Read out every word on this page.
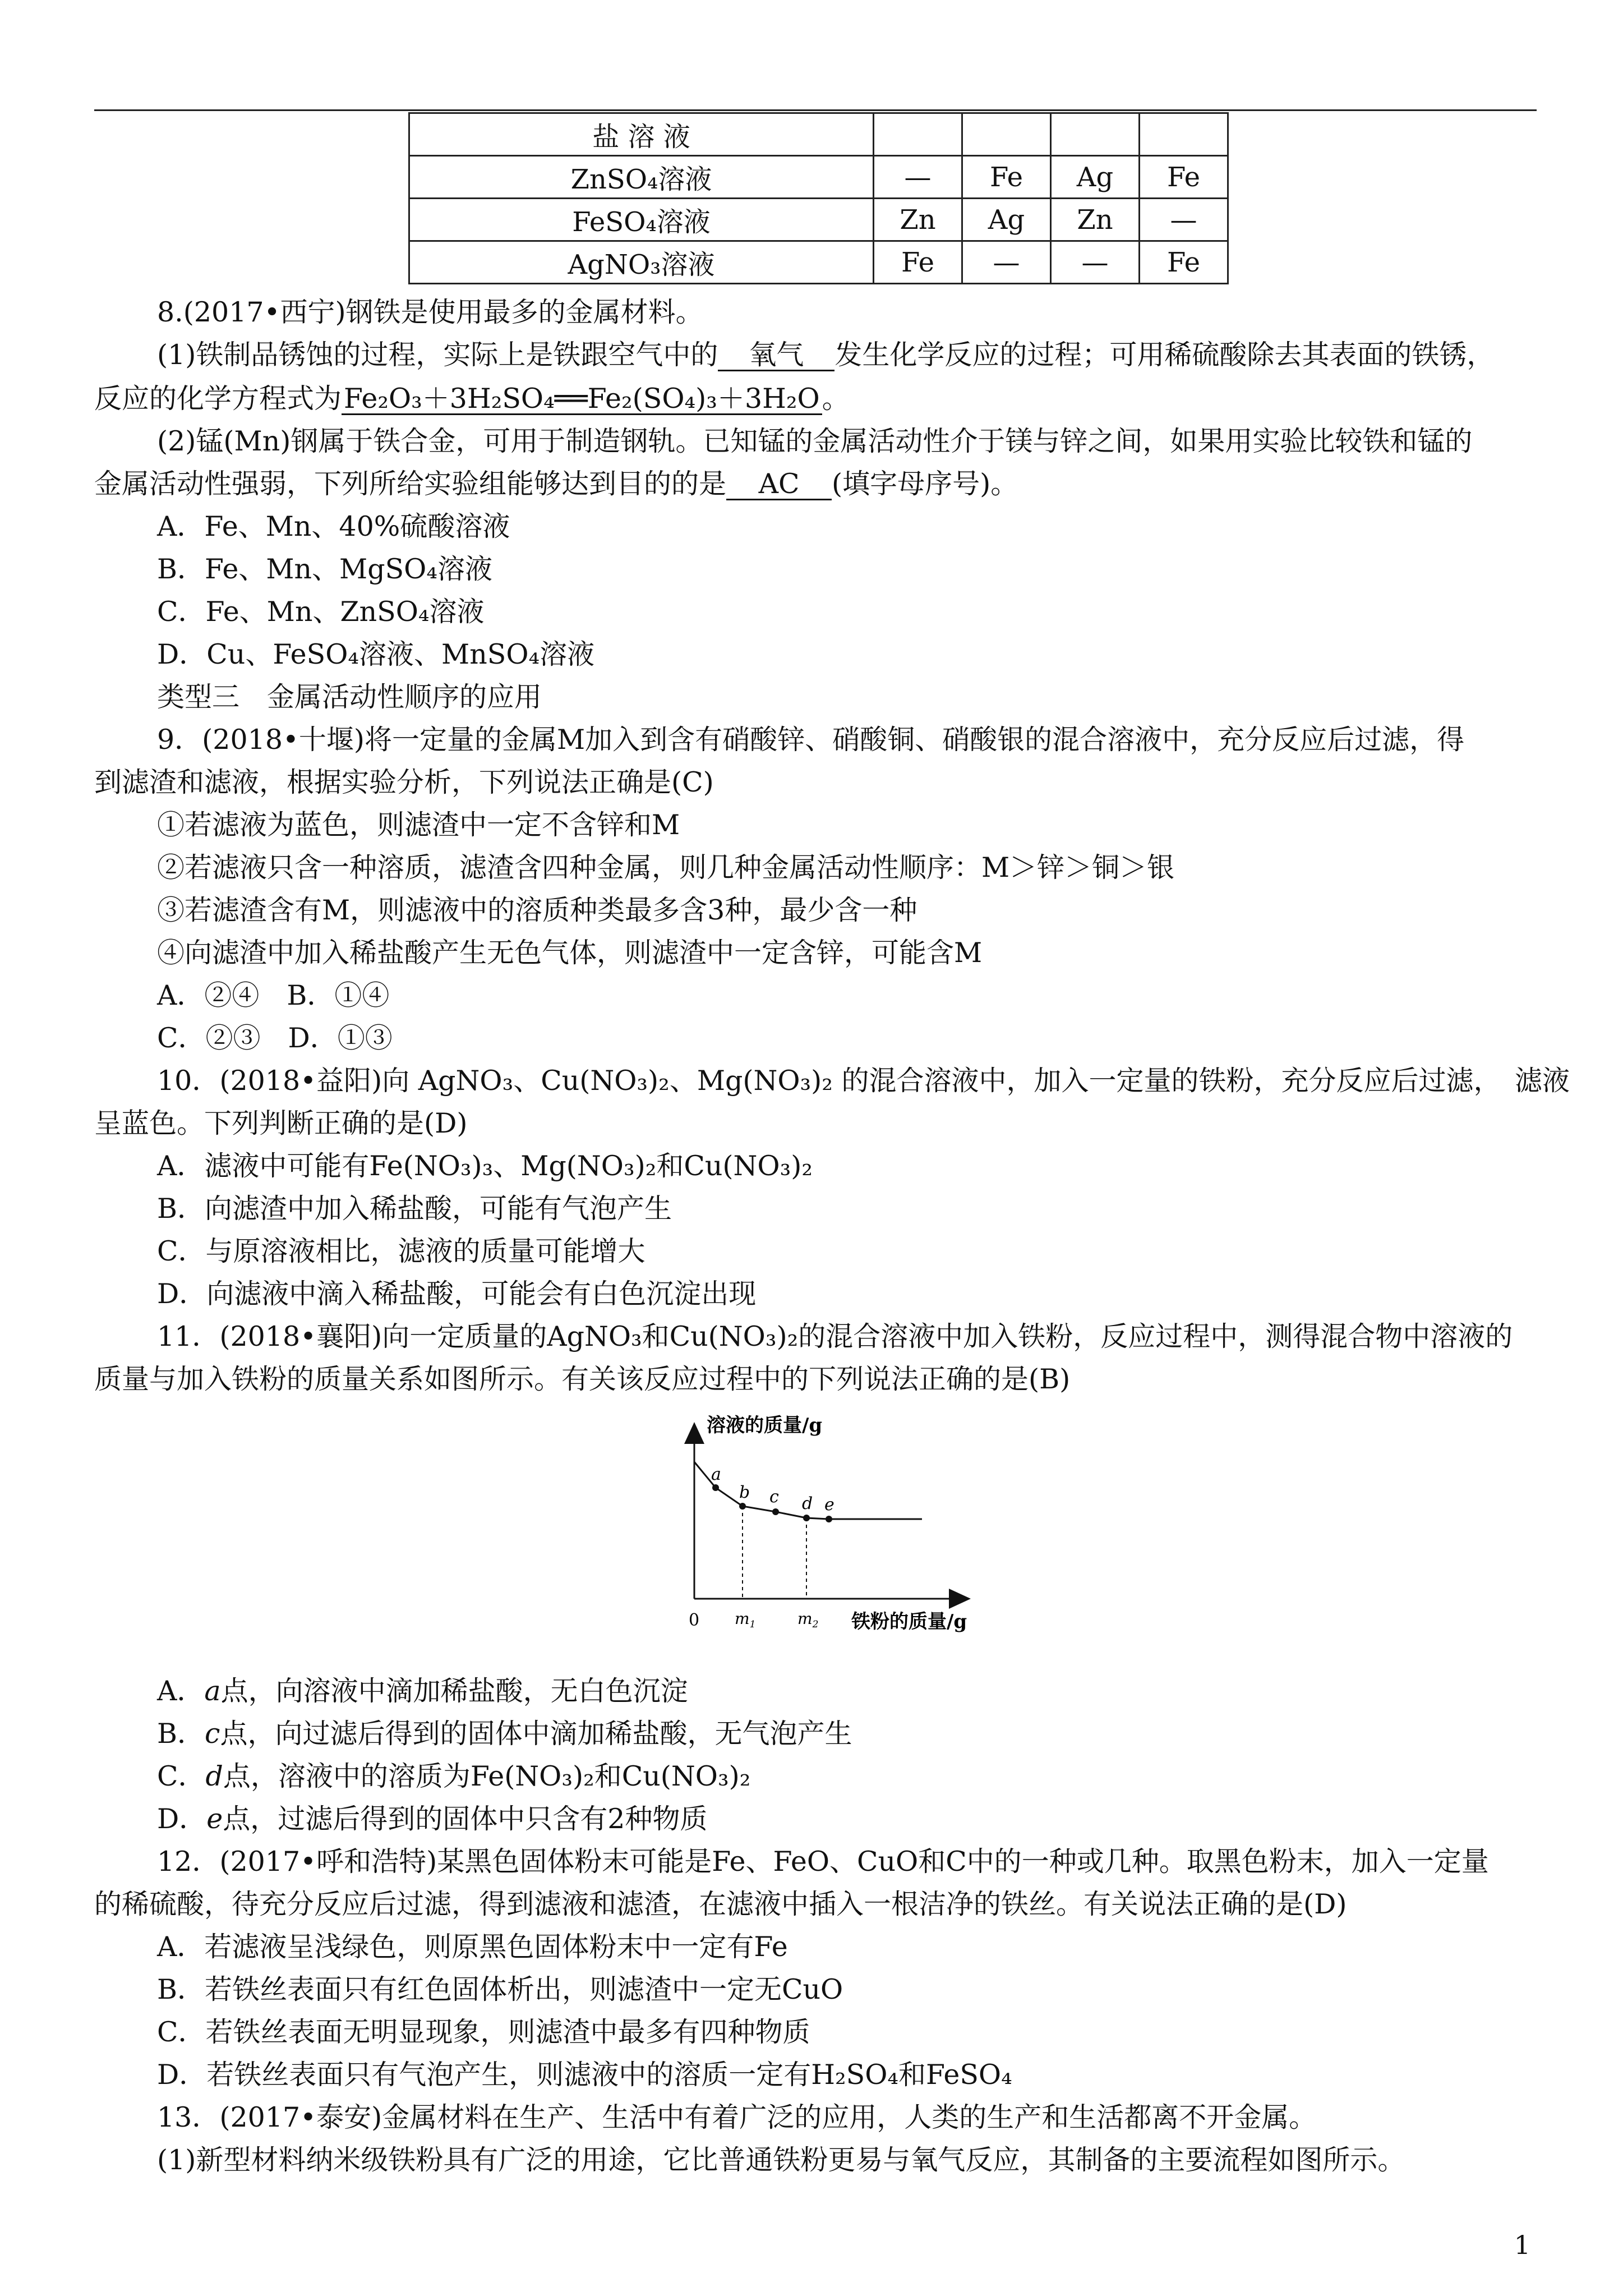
盐 溶 液				
ZnSO₄溶液	—	Fe	Ag	Fe
FeSO₄溶液	Zn	Ag	Zn	—
AgNO₃溶液	Fe	—	—	Fe
8.(2017•西宁)钢铁是使用最多的金属材料。
(1)铁制品锈蚀的过程，实际上是铁跟空气中的 氧气 发生化学反应的过程；可用稀硫酸除去其表面的铁锈，
反应的化学方程式为Fe₂O₃＋3H₂SO₄══Fe₂(SO₄)₃＋3H₂O。
(2)锰(Mn)钢属于铁合金，可用于制造钢轨。已知锰的金属活动性介于镁与锌之间，如果用实验比较铁和锰的
金属活动性强弱，下列所给实验组能够达到目的的是 AC (填字母序号)。
A．Fe、Mn、40%硫酸溶液
B．Fe、Mn、MgSO₄溶液
C．Fe、Mn、ZnSO₄溶液
D．Cu、FeSO₄溶液、MnSO₄溶液
类型三　金属活动性顺序的应用
9．(2018•十堰)将一定量的金属M加入到含有硝酸锌、硝酸铜、硝酸银的混合溶液中，充分反应后过滤，得
到滤渣和滤液，根据实验分析，下列说法正确是(C)
①若滤液为蓝色，则滤渣中一定不含锌和M
②若滤液只含一种溶质，滤渣含四种金属，则几种金属活动性顺序：M＞锌＞铜＞银
③若滤渣含有M，则滤液中的溶质种类最多含3种，最少含一种
④向滤渣中加入稀盐酸产生无色气体，则滤渣中一定含锌，可能含M
A．②④　B．①④
C．②③　D．①③
10．(2018•益阳)向 AgNO₃、Cu(NO₃)₂、Mg(NO₃)₂ 的混合溶液中，加入一定量的铁粉，充分反应后过滤，　滤液
呈蓝色。下列判断正确的是(D)
A．滤液中可能有Fe(NO₃)₃、Mg(NO₃)₂和Cu(NO₃)₂
B．向滤渣中加入稀盐酸，可能有气泡产生
C．与原溶液相比，滤液的质量可能增大
D．向滤液中滴入稀盐酸，可能会有白色沉淀出现
11．(2018•襄阳)向一定质量的AgNO₃和Cu(NO₃)₂的混合溶液中加入铁粉，反应过程中，测得混合物中溶液的
质量与加入铁粉的质量关系如图所示。有关该反应过程中的下列说法正确的是(B)
溶液的质量/g
铁粉的质量/g
0 $m_1$	$m_2$
a
b c d e
A．a点，向溶液中滴加稀盐酸，无白色沉淀
B．c点，向过滤后得到的固体中滴加稀盐酸，无气泡产生
C．d点，溶液中的溶质为Fe(NO₃)₂和Cu(NO₃)₂
D．e点，过滤后得到的固体中只含有2种物质
12．(2017•呼和浩特)某黑色固体粉末可能是Fe、FeO、CuO和C中的一种或几种。取黑色粉末，加入一定量
的稀硫酸，待充分反应后过滤，得到滤液和滤渣，在滤液中插入一根洁净的铁丝。有关说法正确的是(D)
A．若滤液呈浅绿色，则原黑色固体粉末中一定有Fe
B．若铁丝表面只有红色固体析出，则滤渣中一定无CuO
C．若铁丝表面无明显现象，则滤渣中最多有四种物质
D．若铁丝表面只有气泡产生，则滤液中的溶质一定有H₂SO₄和FeSO₄
13．(2017•泰安)金属材料在生产、生活中有着广泛的应用，人类的生产和生活都离不开金属。
(1)新型材料纳米级铁粉具有广泛的用途，它比普通铁粉更易与氧气反应，其制备的主要流程如图所示。
1
